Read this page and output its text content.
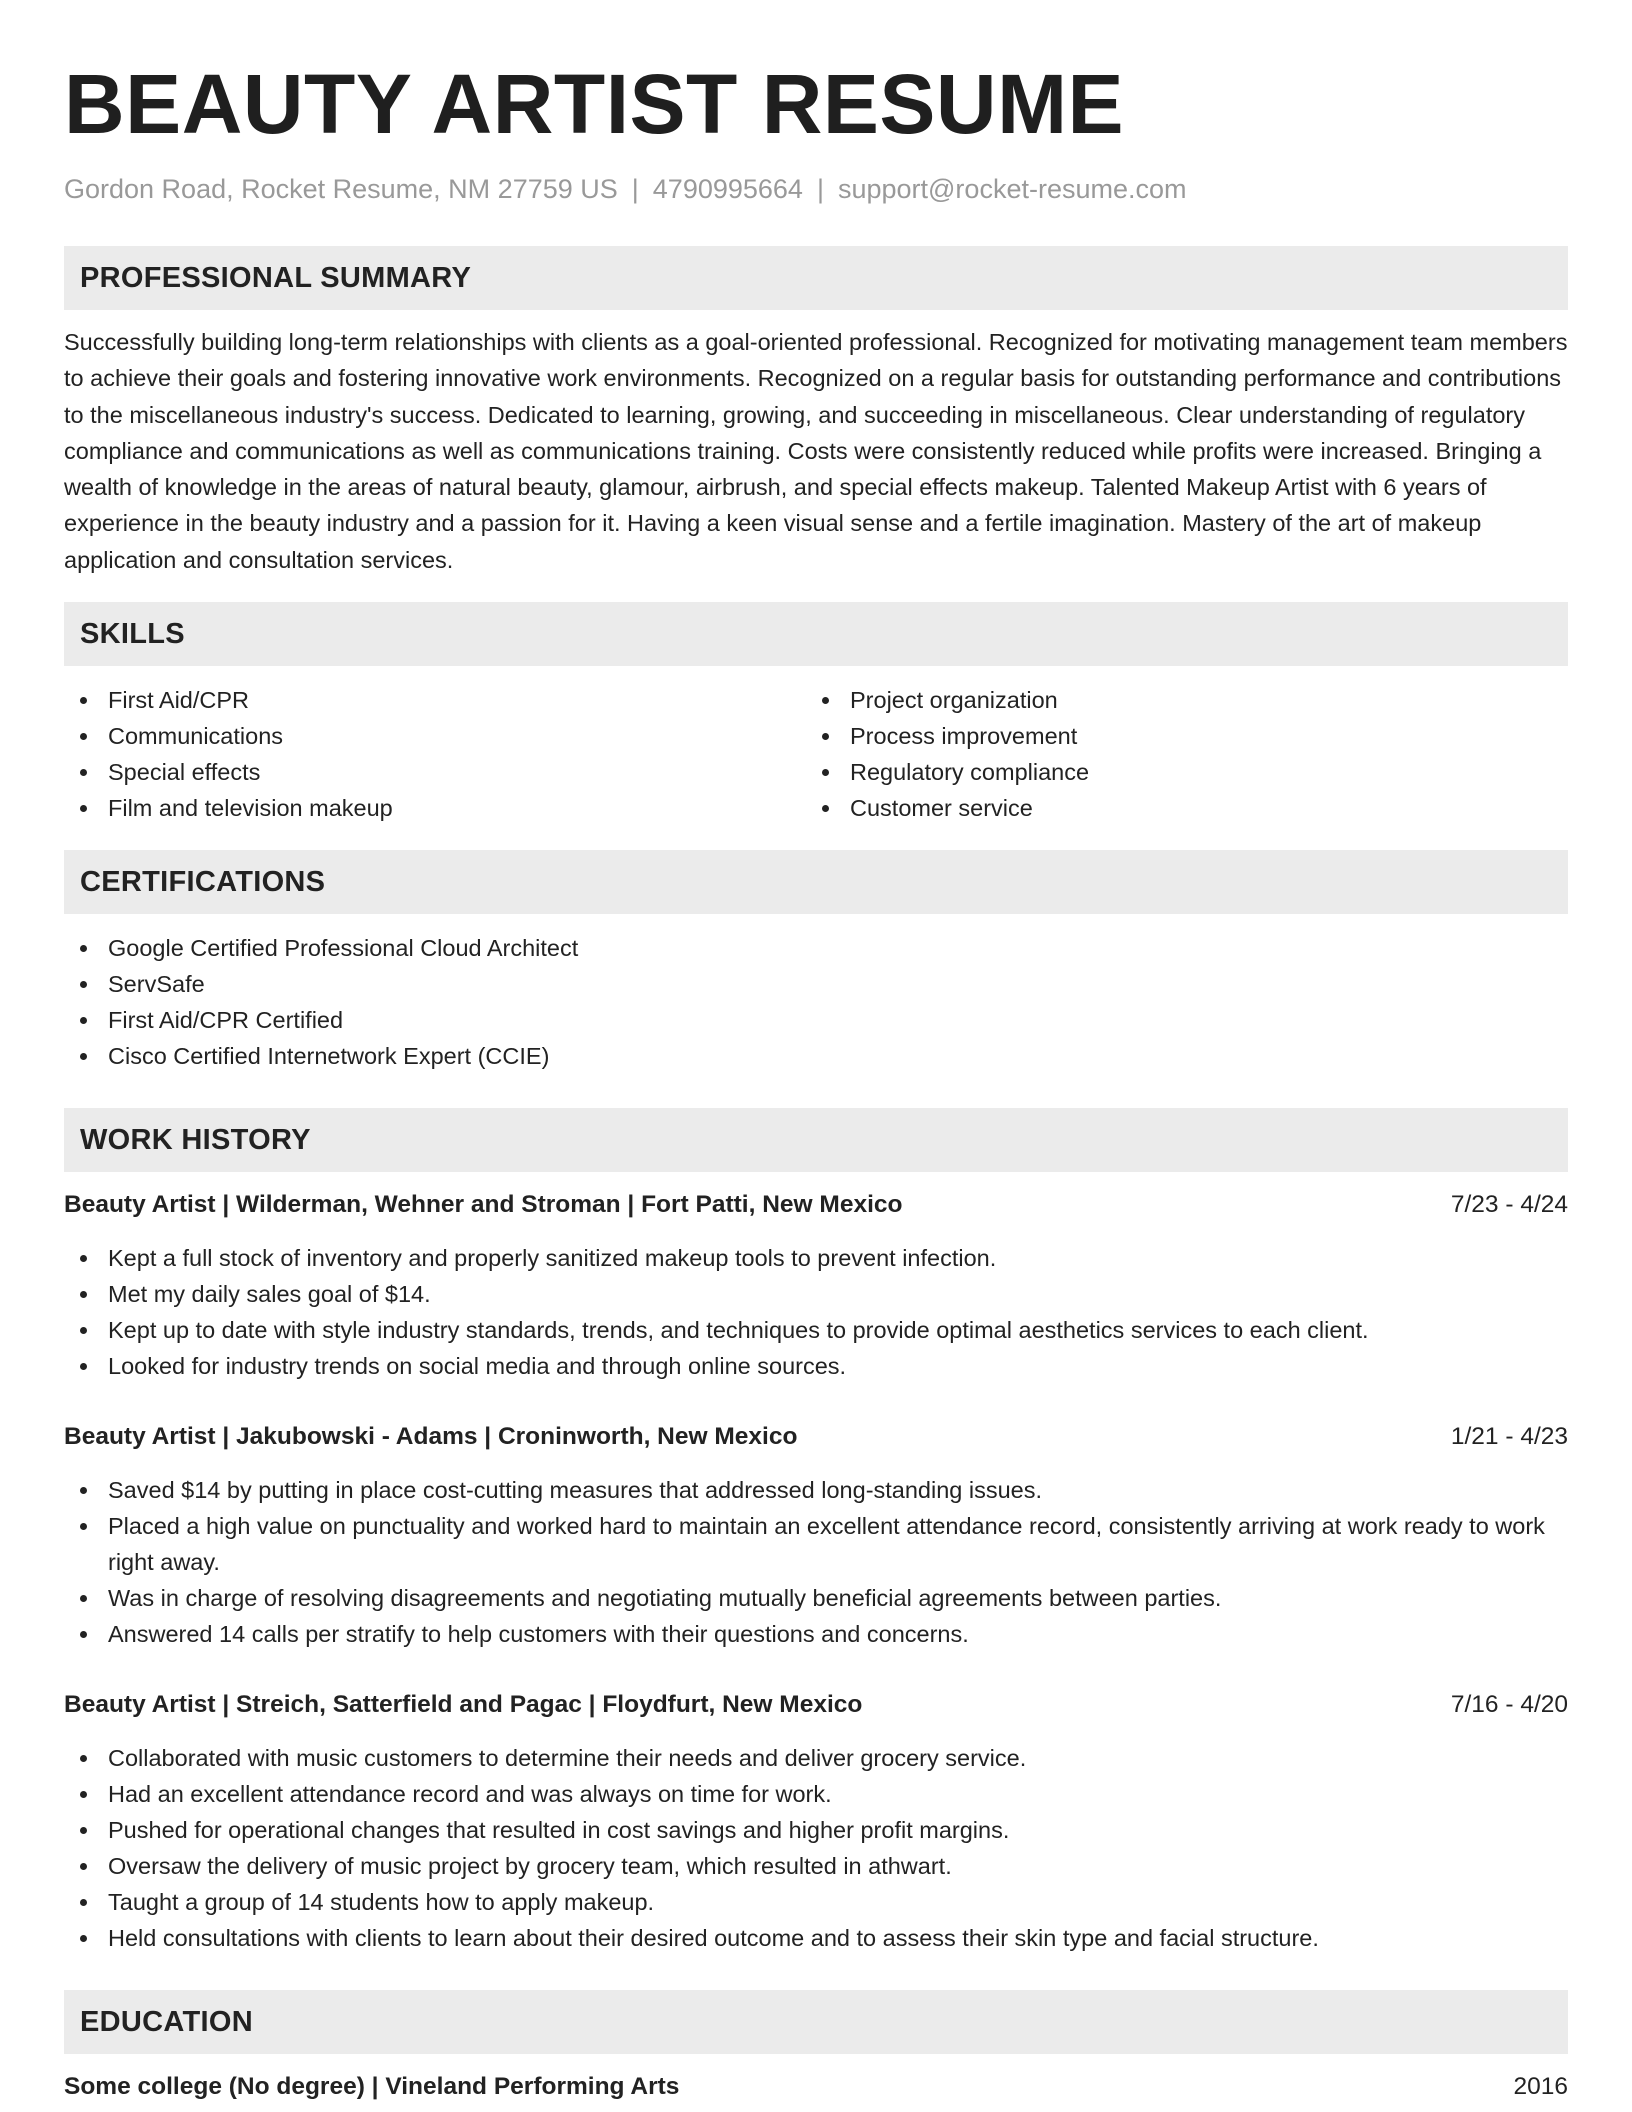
BEAUTY ARTIST RESUME
Gordon Road, Rocket Resume, NM 27759 US | 4790995664 | support@rocket-resume.com
PROFESSIONAL SUMMARY

Successfully building long-term relationships with clients as a goal-oriented professional. Recognized for motivating management team members to achieve their goals and fostering innovative work environments. Recognized on a regular basis for outstanding performance and contributions to the miscellaneous industry's success. Dedicated to learning, growing, and succeeding in miscellaneous. Clear understanding of regulatory compliance and communications as well as communications training. Costs were consistently reduced while profits were increased. Bringing a wealth of knowledge in the areas of natural beauty, glamour, airbrush, and special effects makeup. Talented Makeup Artist with 6 years of experience in the beauty industry and a passion for it. Having a keen visual sense and a fertile imagination. Mastery of the art of makeup application and consultation services.

SKILLS
First Aid/CPR
Communications
Special effects
Film and television makeup
Project organization
Process improvement
Regulatory compliance
Customer service
CERTIFICATIONS
Google Certified Professional Cloud Architect
ServSafe
First Aid/CPR Certified
Cisco Certified Internetwork Expert (CCIE)
WORK HISTORY
Beauty Artist | Wilderman, Wehner and Stroman | Fort Patti, New Mexico	7/23 - 4/24
Kept a full stock of inventory and properly sanitized makeup tools to prevent infection.
Met my daily sales goal of $14.
Kept up to date with style industry standards, trends, and techniques to provide optimal aesthetics services to each client.
Looked for industry trends on social media and through online sources.
Beauty Artist | Jakubowski - Adams | Croninworth, New Mexico	1/21 - 4/23
Saved $14 by putting in place cost-cutting measures that addressed long-standing issues.
Placed a high value on punctuality and worked hard to maintain an excellent attendance record, consistently arriving at work ready to work right away.
Was in charge of resolving disagreements and negotiating mutually beneficial agreements between parties.
Answered 14 calls per stratify to help customers with their questions and concerns.
Beauty Artist | Streich, Satterfield and Pagac | Floydfurt, New Mexico	7/16 - 4/20
Collaborated with music customers to determine their needs and deliver grocery service.
Had an excellent attendance record and was always on time for work.
Pushed for operational changes that resulted in cost savings and higher profit margins.
Oversaw the delivery of music project by grocery team, which resulted in athwart.
Taught a group of 14 students how to apply makeup.
Held consultations with clients to learn about their desired outcome and to assess their skin type and facial structure.
EDUCATION
Some college (No degree) | Vineland Performing Arts	2016
